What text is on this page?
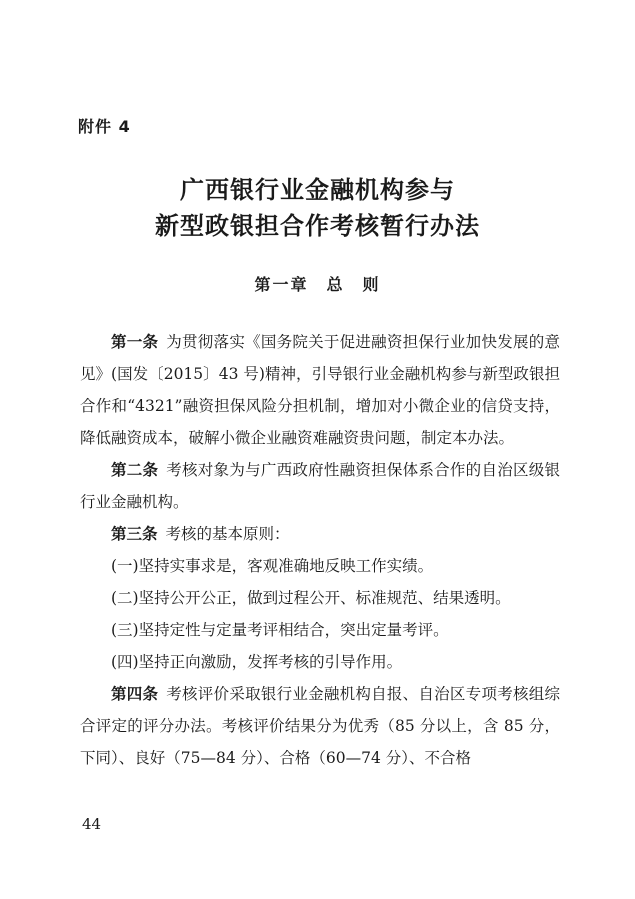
附件 4
广西银行业金融机构参与
新型政银担合作考核暂行办法
第一章　总　则

第一条 为贯彻落实《国务院关于促进融资担保行业加快发展的意见》(国发〔2015〕43 号)精神，引导银行业金融机构参与新型政银担合作和“4321”融资担保风险分担机制，增加对小微企业的信贷支持，降低融资成本，破解小微企业融资难融资贵问题，制定本办法。

第二条 考核对象为与广西政府性融资担保体系合作的自治区级银行业金融机构。

第三条 考核的基本原则：

(一)坚持实事求是，客观准确地反映工作实绩。

(二)坚持公开公正，做到过程公开、标准规范、结果透明。

(三)坚持定性与定量考评相结合，突出定量考评。

(四)坚持正向激励，发挥考核的引导作用。

第四条 考核评价采取银行业金融机构自报、自治区专项考核组综合评定的评分办法。考核评价结果分为优秀（85 分以上，含 85 分，下同）、良好（75—84 分）、合格（60—74 分）、不合格

44
